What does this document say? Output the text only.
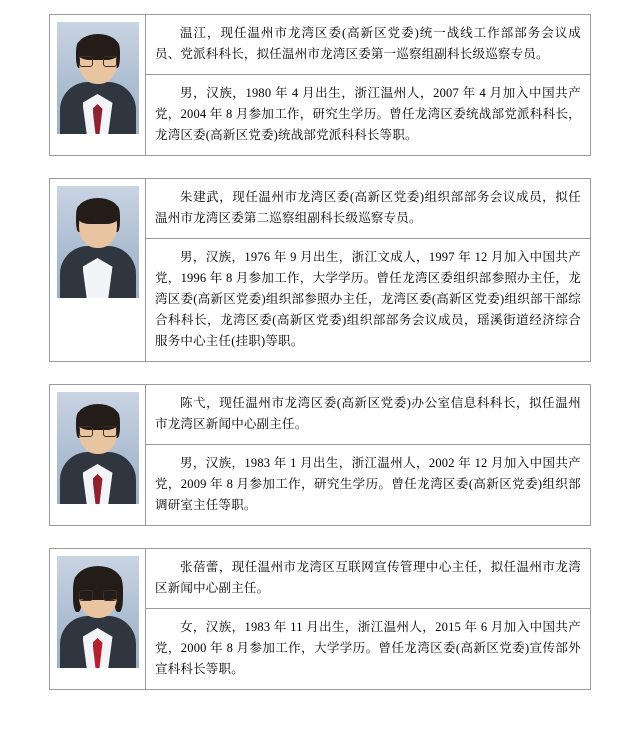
温江，现任温州市龙湾区委(高新区党委)统一战线工作部部务会议成员、党派科科长，拟任温州市龙湾区委第一巡察组副科长级巡察专员。
男，汉族，1980 年 4 月出生，浙江温州人，2007 年 4 月加入中国共产党，2004 年 8 月参加工作，研究生学历。曾任龙湾区委统战部党派科科长，龙湾区委(高新区党委)统战部党派科科长等职。
朱建武，现任温州市龙湾区委(高新区党委)组织部部务会议成员，拟任温州市龙湾区委第二巡察组副科长级巡察专员。
男，汉族，1976 年 9 月出生，浙江文成人，1997 年 12 月加入中国共产党，1996 年 8 月参加工作，大学学历。曾任龙湾区委组织部参照办主任，龙湾区委(高新区党委)组织部参照办主任，龙湾区委(高新区党委)组织部干部综合科科长，龙湾区委(高新区党委)组织部部务会议成员，瑶溪街道经济综合服务中心主任(挂职)等职。
陈弋，现任温州市龙湾区委(高新区党委)办公室信息科科长，拟任温州市龙湾区新闻中心副主任。
男，汉族，1983 年 1 月出生，浙江温州人，2002 年 12 月加入中国共产党，2009 年 8 月参加工作，研究生学历。曾任龙湾区委(高新区党委)组织部调研室主任等职。
张蓓蕾，现任温州市龙湾区互联网宣传管理中心主任，拟任温州市龙湾区新闻中心副主任。
女，汉族，1983 年 11 月出生，浙江温州人，2015 年 6 月加入中国共产党，2000 年 8 月参加工作，大学学历。曾任龙湾区委(高新区党委)宣传部外宣科科长等职。
